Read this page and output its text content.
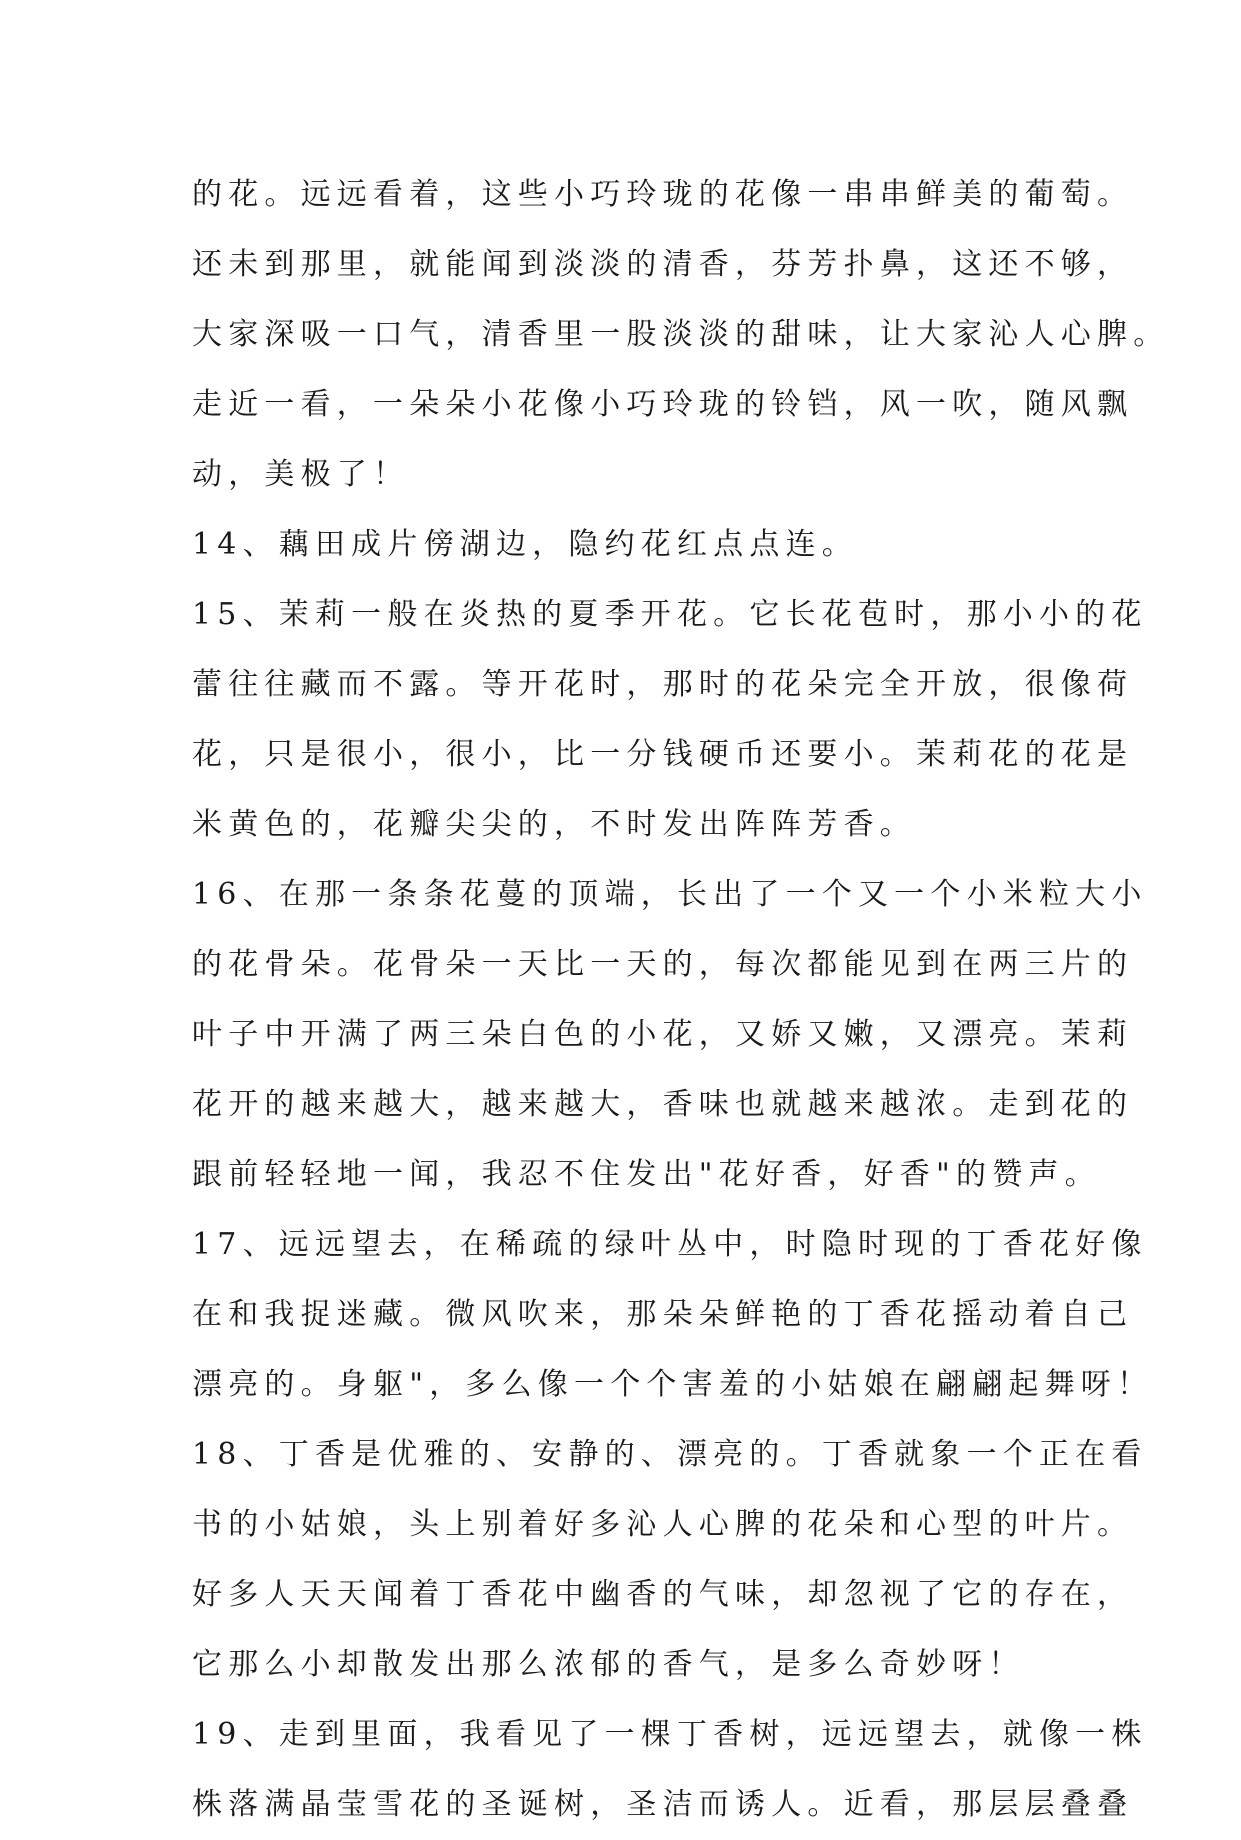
的花。远远看着，这些小巧玲珑的花像一串串鲜美的葡萄。
还未到那里，就能闻到淡淡的清香，芬芳扑鼻，这还不够，
大家深吸一口气，清香里一股淡淡的甜味，让大家沁人心脾。
走近一看，一朵朵小花像小巧玲珑的铃铛，风一吹，随风飘
动，美极了！
14、藕田成片傍湖边，隐约花红点点连。
15、茉莉一般在炎热的夏季开花。它长花苞时，那小小的花
蕾往往藏而不露。等开花时，那时的花朵完全开放，很像荷
花，只是很小，很小，比一分钱硬币还要小。茉莉花的花是
米黄色的，花瓣尖尖的，不时发出阵阵芳香。
16、在那一条条花蔓的顶端，长出了一个又一个小米粒大小
的花骨朵。花骨朵一天比一天的，每次都能见到在两三片的
叶子中开满了两三朵白色的小花，又娇又嫩，又漂亮。茉莉
花开的越来越大，越来越大，香味也就越来越浓。走到花的
跟前轻轻地一闻，我忍不住发出"花好香，好香"的赞声。
17、远远望去，在稀疏的绿叶丛中，时隐时现的丁香花好像
在和我捉迷藏。微风吹来，那朵朵鲜艳的丁香花摇动着自己
漂亮的。身躯"，多么像一个个害羞的小姑娘在翩翩起舞呀！
18、丁香是优雅的、安静的、漂亮的。丁香就象一个正在看
书的小姑娘，头上别着好多沁人心脾的花朵和心型的叶片。
好多人天天闻着丁香花中幽香的气味，却忽视了它的存在，
它那么小却散发出那么浓郁的香气，是多么奇妙呀！
19、走到里面，我看见了一棵丁香树，远远望去，就像一株
株落满晶莹雪花的圣诞树，圣洁而诱人。近看，那层层叠叠
